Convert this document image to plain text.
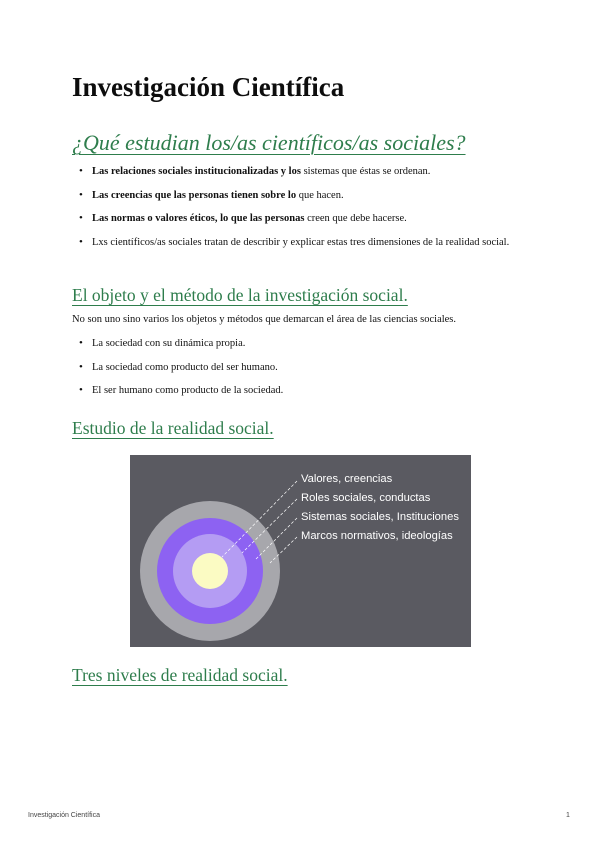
Investigación Científica
¿Qué estudian los/as científicos/as sociales?
• Las relaciones sociales institucionalizadas y los sistemas que éstas se ordenan.
• Las creencias que las personas tienen sobre lo que hacen.
• Las normas o valores éticos, lo que las personas creen que debe hacerse.
• Lxs científicos/as sociales tratan de describir y explicar estas tres dimensiones de la realidad social.
El objeto y el método de la investigación social.

No son uno sino varios los objetos y métodos que demarcan el área de las ciencias sociales.

• La sociedad con su dinámica propia.
• La sociedad como producto del ser humano.
• El ser humano como producto de la sociedad.
Estudio de la realidad social.
Valores, creencias
Roles sociales, conductas
Sistemas sociales, Instituciones
Marcos normativos, ideologías
Tres niveles de realidad social.
Investigación Científica	1
